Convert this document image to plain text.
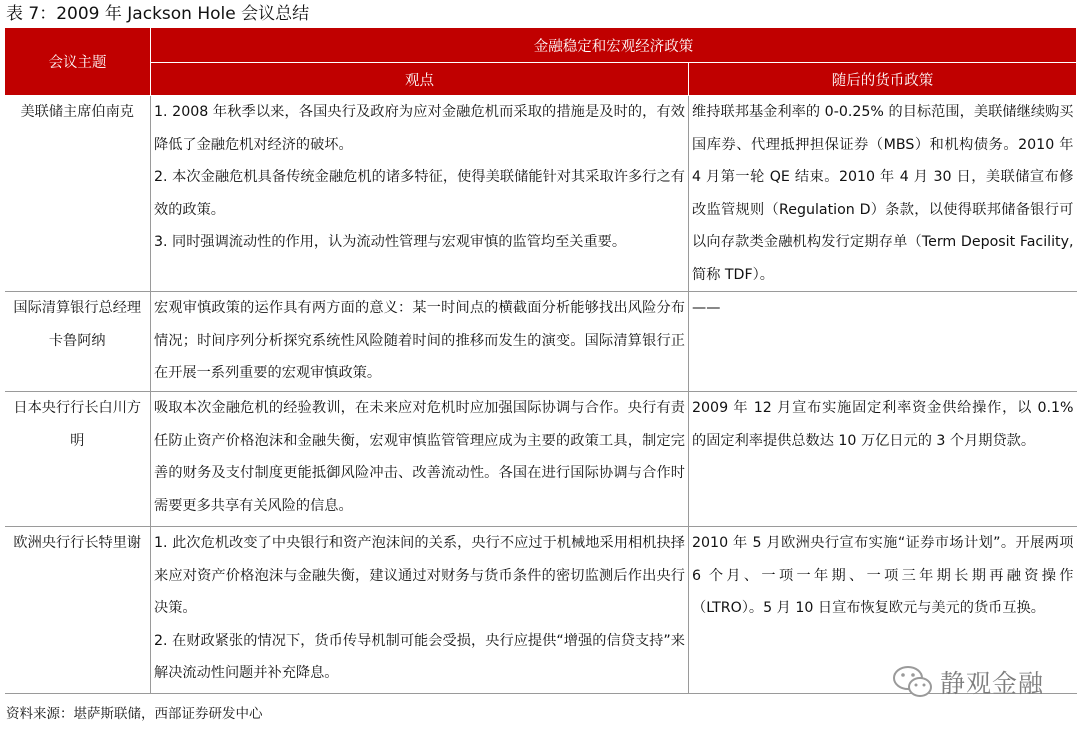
表 7：2009 年 Jackson Hole 会议总结
会议主题	金融稳定和宏观经济政策	
	观点	随后的货币政策
美联储主席伯南克	1. 2008 年秋季以来，各国央行及政府为应对金融危机而采取的措施是及时的，有效降低了金融危机对经济的破坏。

2. 本次金融危机具备传统金融危机的诸多特征，使得美联储能针对其采取许多行之有效的政策。

3. 同时强调流动性的作用，认为流动性管理与宏观审慎的监管均至关重要。	维持联邦基金利率的 0-0.25% 的目标范围，美联储继续购买国库券、代理抵押担保证券（MBS）和机构债务。2010 年 4 月第一轮 QE 结束。2010 年 4 月 30 日，美联储宣布修改监管规则（Regulation D）条款，以使得联邦储备银行可以向存款类金融机构发行定期存单（Term Deposit Facility, 简称 TDF）。
国际清算银行总经理卡鲁阿纳	宏观审慎政策的运作具有两方面的意义：某一时间点的横截面分析能够找出风险分布情况；时间序列分析探究系统性风险随着时间的推移而发生的演变。国际清算银行正在开展一系列重要的宏观审慎政策。	——
日本央行行长白川方明	吸取本次金融危机的经验教训，在未来应对危机时应加强国际协调与合作。央行有责任防止资产价格泡沫和金融失衡，宏观审慎监管管理应成为主要的政策工具，制定完善的财务及支付制度更能抵御风险冲击、改善流动性。各国在进行国际协调与合作时需要更多共享有关风险的信息。	2009 年 12 月宣布实施固定利率资金供给操作，以 0.1% 的固定利率提供总数达 10 万亿日元的 3 个月期贷款。
欧洲央行行长特里谢	1. 此次危机改变了中央银行和资产泡沫间的关系，央行不应过于机械地采用相机抉择来应对资产价格泡沫与金融失衡，建议通过对财务与货币条件的密切监测后作出央行决策。

2. 在财政紧张的情况下，货币传导机制可能会受损，央行应提供“增强的信贷支持”来解决流动性问题并补充降息。	2010 年 5 月欧洲央行宣布实施“证券市场计划”。开展两项 6 个月、一项一年期、一项三年期长期再融资操作（LTRO）。5 月 10 日宣布恢复欧元与美元的货币互换。
资料来源：堪萨斯联储，西部证券研发中心
静观金融
